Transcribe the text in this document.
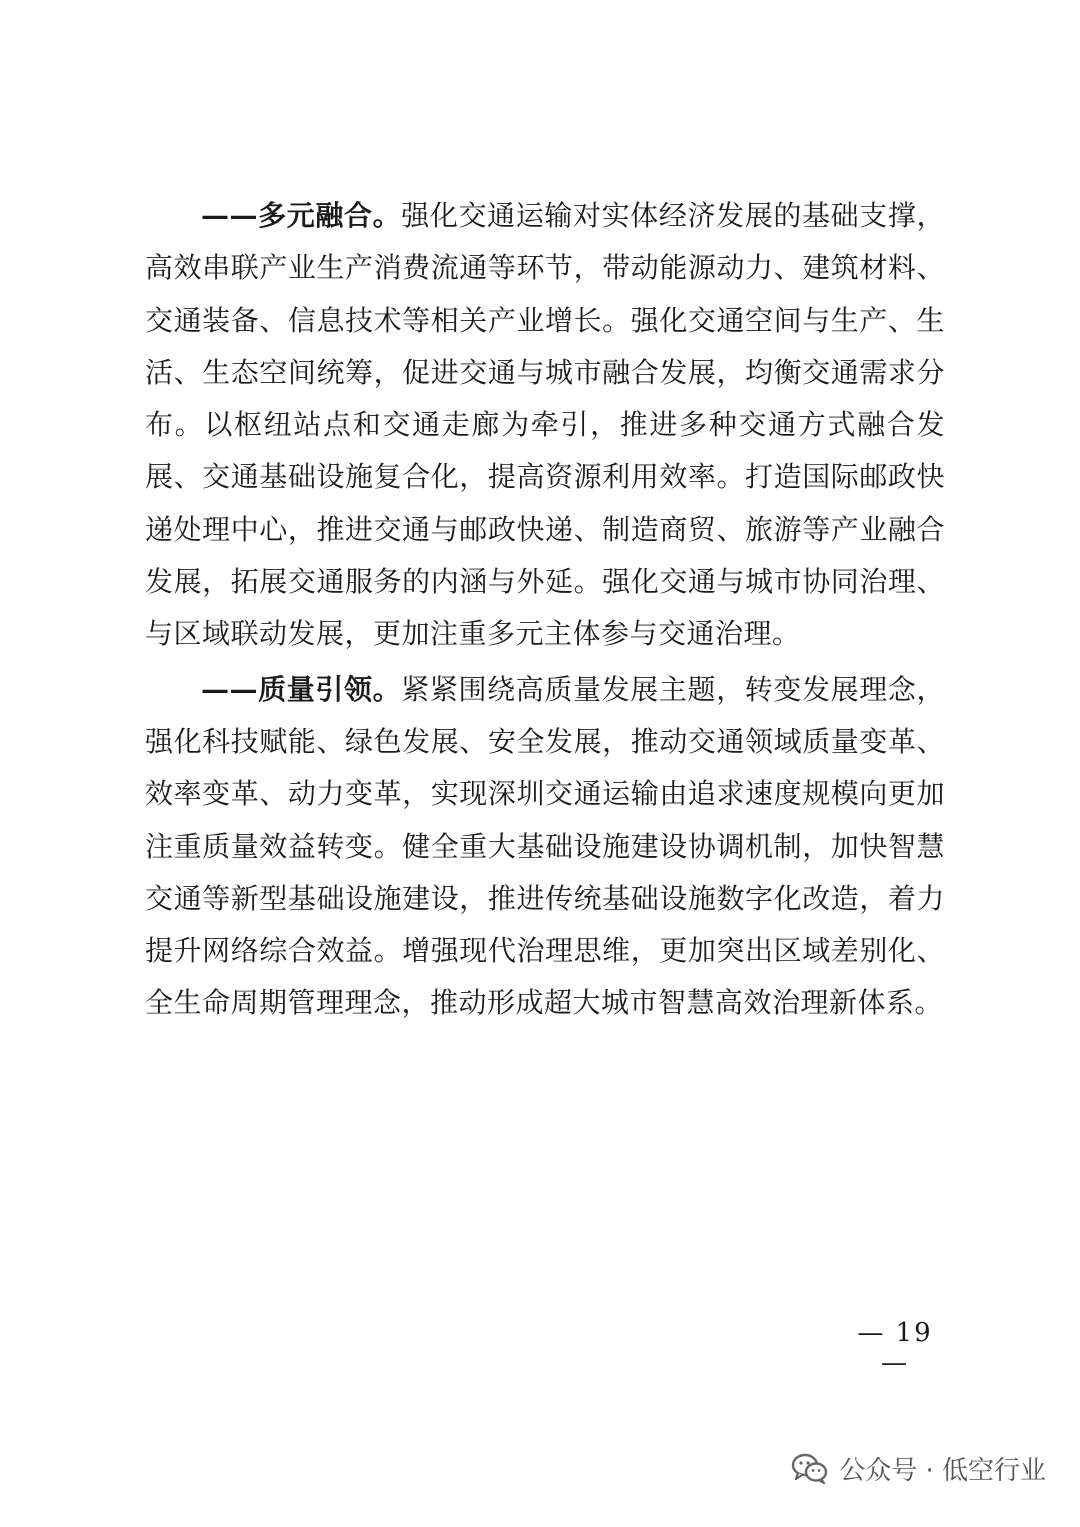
——多元融合。强化交通运输对实体经济发展的基础支撑，高效串联产业生产消费流通等环节，带动能源动力、建筑材料、交通装备、信息技术等相关产业增长。强化交通空间与生产、生活、生态空间统筹，促进交通与城市融合发展，均衡交通需求分布。以枢纽站点和交通走廊为牵引，推进多种交通方式融合发展、交通基础设施复合化，提高资源利用效率。打造国际邮政快递处理中心，推进交通与邮政快递、制造商贸、旅游等产业融合发展，拓展交通服务的内涵与外延。强化交通与城市协同治理、与区域联动发展，更加注重多元主体参与交通治理。

——质量引领。紧紧围绕高质量发展主题，转变发展理念，强化科技赋能、绿色发展、安全发展，推动交通领域质量变革、效率变革、动力变革，实现深圳交通运输由追求速度规模向更加注重质量效益转变。健全重大基础设施建设协调机制，加快智慧交通等新型基础设施建设，推进传统基础设施数字化改造，着力提升网络综合效益。增强现代治理思维，更加突出区域差别化、全生命周期管理理念，推动形成超大城市智慧高效治理新体系。

— 19 —
公众号 · 低空行业
